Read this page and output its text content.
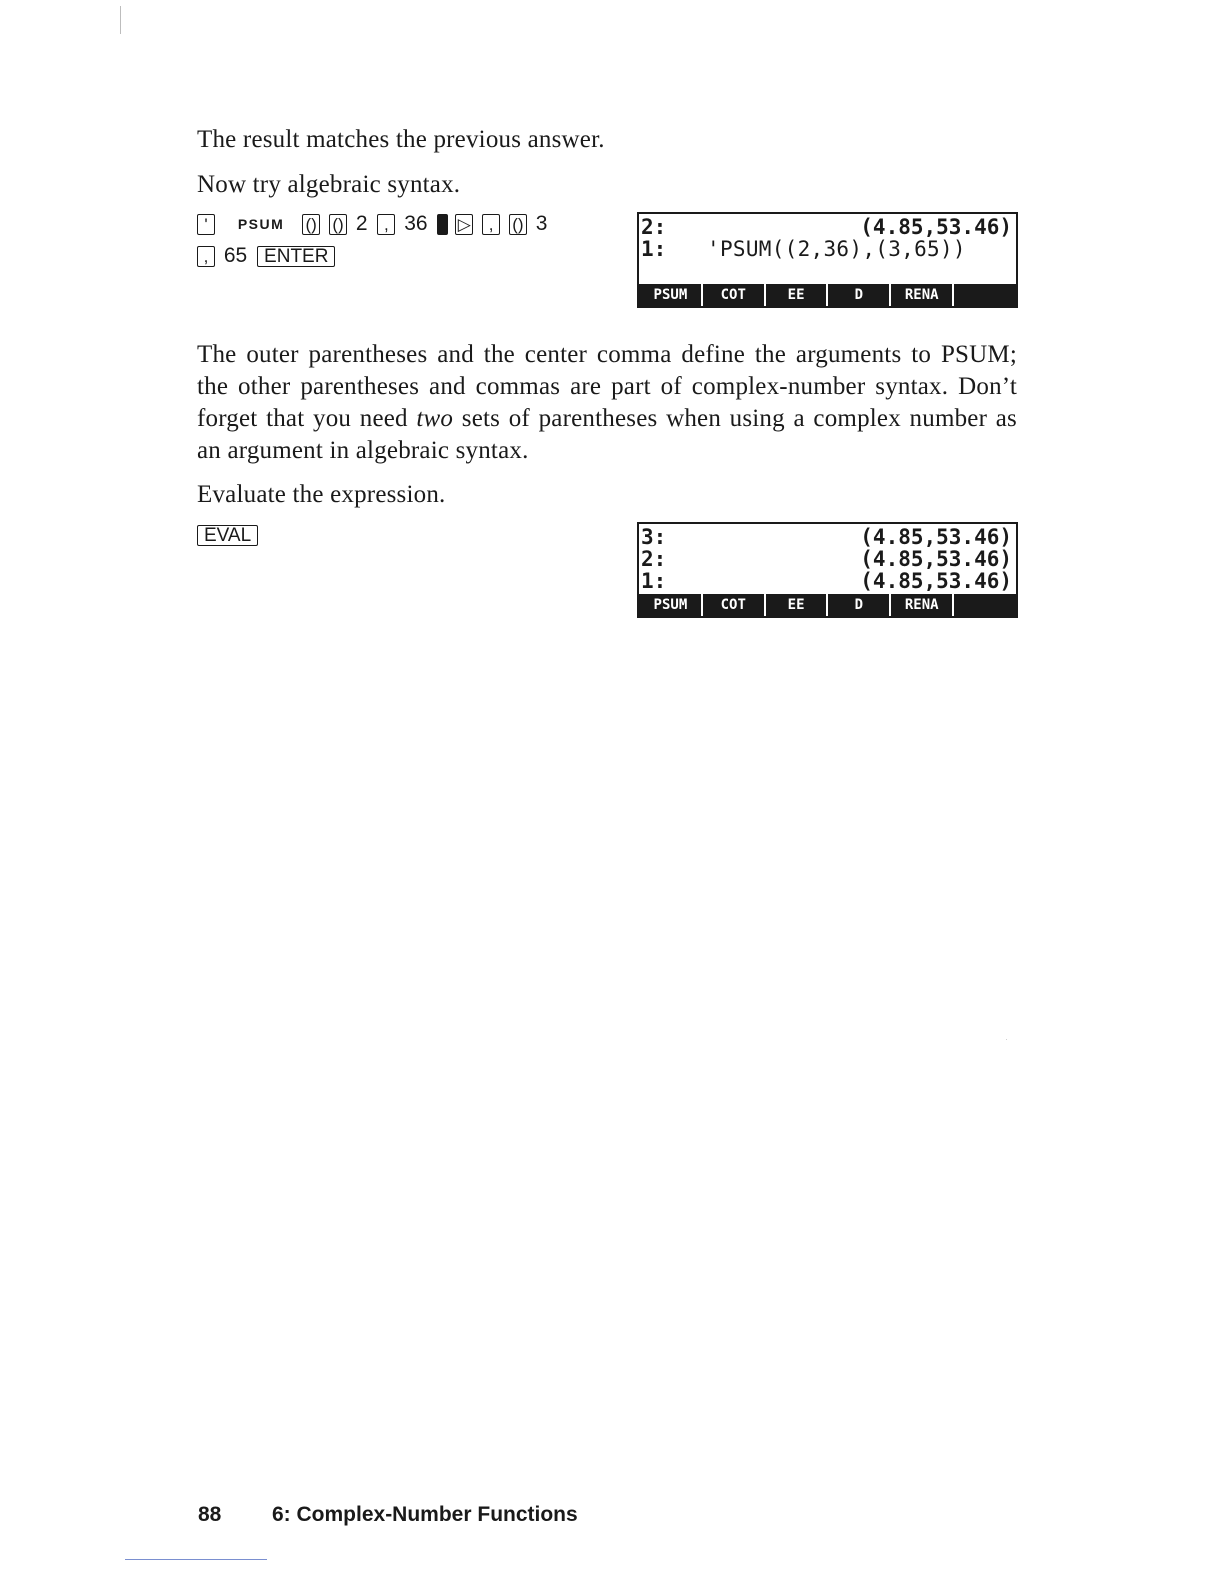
The result matches the previous answer.

Now try algebraic syntax.

' PSUM () () 2 , 36 ▷ , () 3
, 65 ENTER
2:	(4.85,53.46)
1: 'PSUM((2,36),(3,65))
PSUM	COT	EE	D	RENA

The outer parentheses and the center comma define the arguments to PSUM; the other parentheses and commas are part of complex-number syntax. Don’t forget that you need two sets of parentheses when using a complex number as an argument in algebraic syntax.

Evaluate the expression.

EVAL	3:	(4.85,53.46)
2:	(4.85,53.46)
1:	(4.85,53.46)
PSUM	COT	EE	D	RENA
88 6: Complex-Number Functions
